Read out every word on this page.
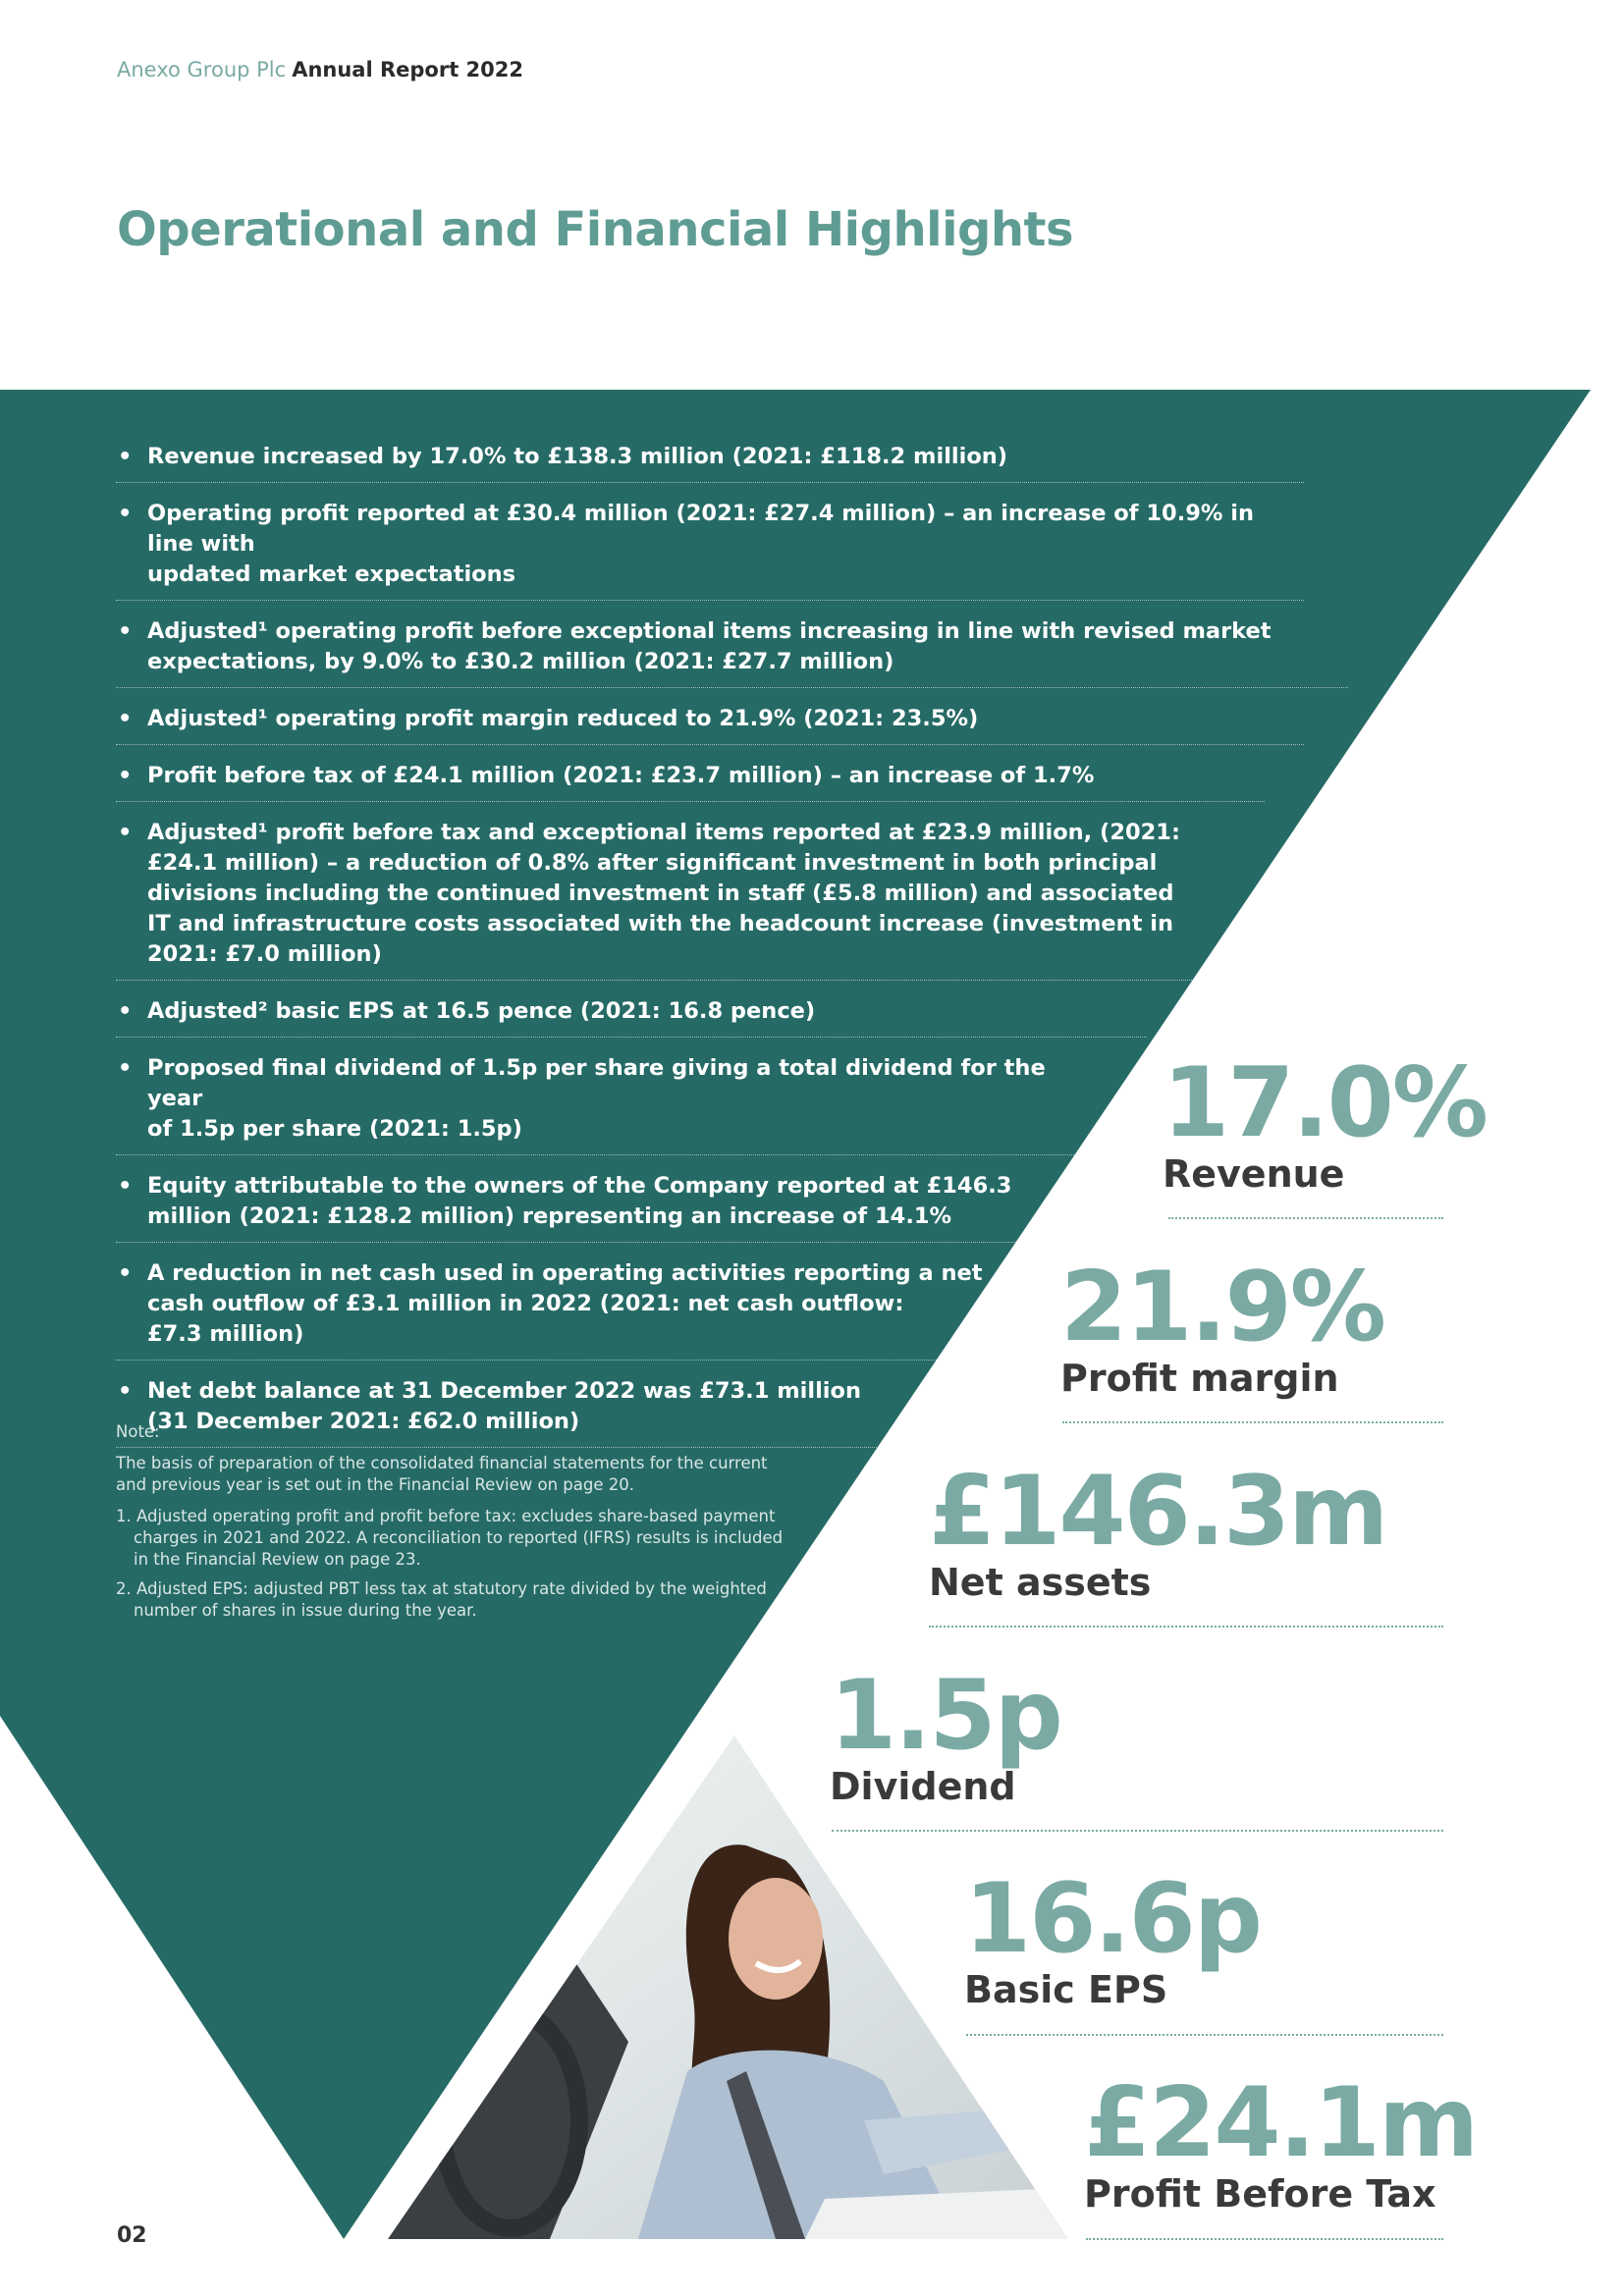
Anexo Group Plc Annual Report 2022
Operational and Financial Highlights
• Revenue increased by 17.0% to £138.3 million (2021: £118.2 million)
• Operating profit reported at £30.4 million (2021: £27.4 million) – an increase of 10.9% in line with
updated market expectations
• Adjusted¹ operating profit before exceptional items increasing in line with revised market
expectations, by 9.0% to £30.2 million (2021: £27.7 million)
• Adjusted¹ operating profit margin reduced to 21.9% (2021: 23.5%)
• Profit before tax of £24.1 million (2021: £23.7 million) – an increase of 1.7%
• Adjusted¹ profit before tax and exceptional items reported at £23.9 million, (2021:
£24.1 million) – a reduction of 0.8% after significant investment in both principal
divisions including the continued investment in staff (£5.8 million) and associated
IT and infrastructure costs associated with the headcount increase (investment in
2021: £7.0 million)
• Adjusted² basic EPS at 16.5 pence (2021: 16.8 pence)
• Proposed final dividend of 1.5p per share giving a total dividend for the year
of 1.5p per share (2021: 1.5p)
• Equity attributable to the owners of the Company reported at £146.3
million (2021: £128.2 million) representing an increase of 14.1%
• A reduction in net cash used in operating activities reporting a net
cash outflow of £3.1 million in 2022 (2021: net cash outflow:
£7.3 million)
• Net debt balance at 31 December 2022 was £73.1 million
(31 December 2021: £62.0 million)

Note:

The basis of preparation of the consolidated financial statements for the current and previous year is set out in the Financial Review on page 20.

1. Adjusted operating profit and profit before tax: excludes share-based payment charges in 2021 and 2022. A reconciliation to reported (IFRS) results is included in the Financial Review on page 23.

2. Adjusted EPS: adjusted PBT less tax at statutory rate divided by the weighted number of shares in issue during the year.

17.0%
Revenue
21.9%
Profit margin
£146.3m
Net assets
1.5p
Dividend
16.6p
Basic EPS
£24.1m
Profit Before Tax
02
